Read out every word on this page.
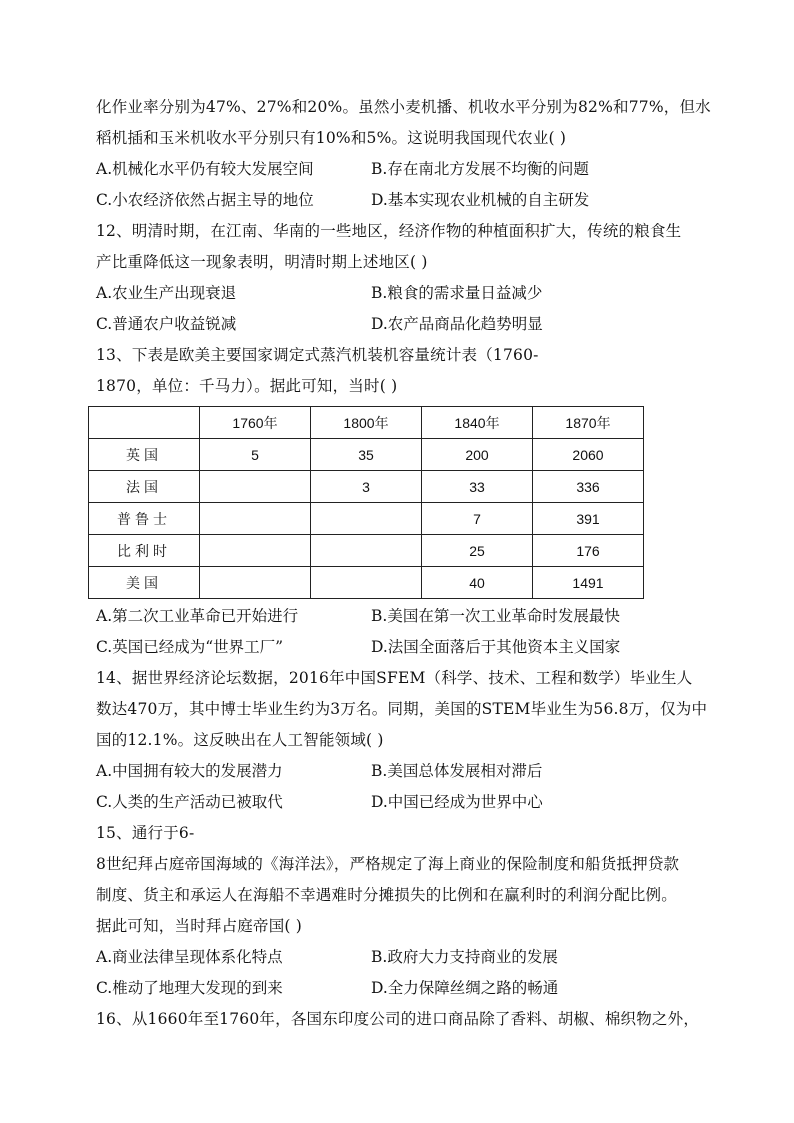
化作业率分别为47%、27%和20%。虽然小麦机播、机收水平分别为82%和77%，但水
稻机插和玉米机收水平分别只有10%和5%。这说明我国现代农业( )
A.机械化水平仍有较大发展空间	B.存在南北方发展不均衡的问题
C.小农经济依然占据主导的地位	D.基本实现农业机械的自主研发
12、明清时期，在江南、华南的一些地区，经济作物的种植面积扩大，传统的粮食生
产比重降低这一现象表明，明清时期上述地区( )
A.农业生产出现衰退	B.粮食的需求量日益减少
C.普通农户收益锐减	D.农产品商品化趋势明显
13、下表是欧美主要国家调定式蒸汽机装机容量统计表（1760-
1870，单位：千马力）。据此可知，当时( )
	1760年	1800年	1840年	1870年
英国	5	35	200	2060
法国		3	33	336
普鲁士			7	391
比利时			25	176
美国			40	1491
A.第二次工业革命已开始进行	B.美国在第一次工业革命时发展最快
C.英国已经成为“世界工厂”	D.法国全面落后于其他资本主义国家
14、据世界经济论坛数据，2016年中国SFEM（科学、技术、工程和数学）毕业生人
数达470万，其中博士毕业生约为3万名。同期，美国的STEM毕业生为56.8万，仅为中
国的12.1%。这反映出在人工智能领域( )
A.中国拥有较大的发展潜力	B.美国总体发展相对滞后
C.人类的生产活动已被取代	D.中国已经成为世界中心
15、通行于6-
8世纪拜占庭帝国海域的《海洋法》，严格规定了海上商业的保险制度和船货抵押贷款
制度、货主和承运人在海船不幸遇难时分摊损失的比例和在赢利时的利润分配比例。
据此可知，当时拜占庭帝国( )
A.商业法律呈现体系化特点	B.政府大力支持商业的发展
C.椎动了地理大发现的到来	D.全力保障丝绸之路的畅通
16、从1660年至1760年，各国东印度公司的进口商品除了香料、胡椒、棉织物之外，
